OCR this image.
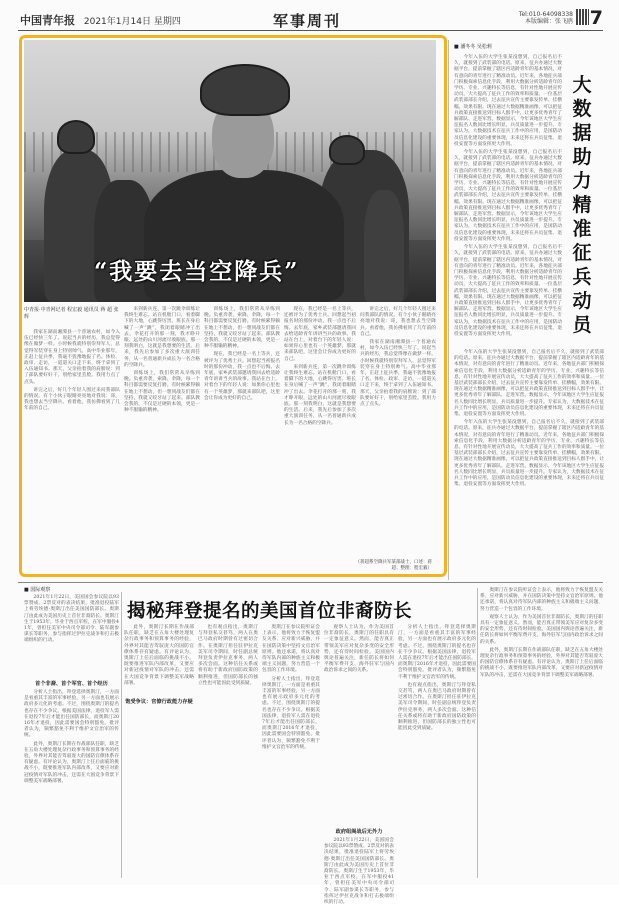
中国青年报 2021年1月14日 星期四	军事周刊	Tel:010-64098338 本版编辑：张飞鸥 7
“我要去当空降兵”
中青报·中青网记者 程宏毅 通讯员 蒋 超 张 辉

我家在湖南湘潭县一个普通农村，如今入伍已经快三年了。说起当兵的经历，我总觉得像在做梦一样。小时候我就特别崇拜军人，总觉得军装穿在身上特别帅气。高中毕业那年，正赶上征兵季，我毫不犹豫地报了名。体检、政审、走访，一道道关口走下来，终于拿到了入伍通知书。那天，父亲拍着我的肩膀说：到了部队要好好干，别给家里丢脸。我用力点了点头。

讲完之后，好几个年轻人围过来问我部队的情况。有个小伙子眼睛亮亮地对我说：哥，我也想去当空降兵。看着他，我仿佛看到了几年前的自己。

来到新兵连，第一次跳伞训练让我终生难忘。站在机舱门口，看着脚下的大地，心跳得厉害。班长在身后喊了一声“跳”，我闭着眼睛冲了出去。伞花打开的那一刻，我才睁开眼，远处的山川河流尽收眼底。那一刻我明白，这就是我想要的生活。后来，我先后参加了多次重大演训任务，从一名普通新兵成长为一名合格的空降兵。

训练场上，我们常常从早练到晚。负重奔袭、索降、伞降，每一个科目都需要反复打磨。有时候累得躺在地上不想动，但一想到战友们都在坚持，我就又咬牙站了起来。部队教会我的，不仅是过硬的本领，更是一种不服输的精神。

训练场上，我们常常从早练到晚。负重奔袭、索降、伞降，每一个科目都需要反复打磨。有时候累得躺在地上不想动，但一想到战友们都在坚持，我就又咬牙站了起来。部队教会我的，不仅是过硬的本领，更是一种不服输的精神。

现在，我已经是一名上等兵，还被评为了优秀士兵。回想起当初报名时的那份冲动，我一点也不后悔。去年底，家乡武装部邀请我回去给适龄青年讲讲当兵的故事。我站在台上，对着台下的年轻人说：如果你心里也有一个英雄梦，那就来部队吧，这里会让你成为更好的自己。

现在，我已经是一名上等兵，还被评为了优秀士兵。回想起当初报名时的那份冲动，我一点也不后悔。去年底，家乡武装部邀请我回去给适龄青年讲讲当兵的故事。我站在台上，对着台下的年轻人说：如果你心里也有一个英雄梦，那就来部队吧，这里会让你成为更好的自己。

来到新兵连，第一次跳伞训练让我终生难忘。站在机舱门口，看着脚下的大地，心跳得厉害。班长在身后喊了一声“跳”，我闭着眼睛冲了出去。伞花打开的那一刻，我才睁开眼，远处的山川河流尽收眼底。那一刻我明白，这就是我想要的生活。后来，我先后参加了多次重大演训任务，从一名普通新兵成长为一名合格的空降兵。

讲完之后，好几个年轻人围过来问我部队的情况。有个小伙子眼睛亮亮地对我说：哥，我也想去当空降兵。看着他，我仿佛看到了几年前的自己。

我家在湖南湘潭县一个普通农村，如今入伍已经快三年了。说起当兵的经历，我总觉得像在做梦一样。小时候我就特别崇拜军人，总觉得军装穿在身上特别帅气。高中毕业那年，正赶上征兵季，我毫不犹豫地报了名。体检、政审、走访，一道道关口走下来，终于拿到了入伍通知书。那天，父亲拍着我的肩膀说：到了部队要好好干，别给家里丢脸。我用力点了点头。

（蒋超系空降兵军某部战士，口述：蒋超；整理：程宏毅）
■ 潘冬冬 吴松莉
大数据助力精准征兵动员

今年入伍的大学生张某没想到，自己报名后不久，就接到了武装部的电话。原来，征兵办通过大数据平台，提前掌握了辖区内适龄青年的基本情况，对有意向的青年进行了精准动员。近年来，各地征兵部门积极探索信息化手段，利用大数据分析适龄青年的学历、专业、兴趣特长等信息，有针对性地开展宣传动员，大大提高了征兵工作的效率和质量。一位基层武装部部长介绍，过去征兵宣传主要靠发传单、挂横幅，效果有限。现在通过大数据精准画像，可以把征兵政策直接推送到目标人群手中，让更多优秀青年了解部队、走进军营。数据显示，今年该地区大学生应征报名人数同比增长明显，兵员质量进一步提升。专家认为，大数据技术在征兵工作中的应用，是国防动员信息化建设的重要体现，未来还将在兵员征集、退役安置等方面发挥更大作用。

今年入伍的大学生张某没想到，自己报名后不久，就接到了武装部的电话。原来，征兵办通过大数据平台，提前掌握了辖区内适龄青年的基本情况，对有意向的青年进行了精准动员。近年来，各地征兵部门积极探索信息化手段，利用大数据分析适龄青年的学历、专业、兴趣特长等信息，有针对性地开展宣传动员，大大提高了征兵工作的效率和质量。一位基层武装部部长介绍，过去征兵宣传主要靠发传单、挂横幅，效果有限。现在通过大数据精准画像，可以把征兵政策直接推送到目标人群手中，让更多优秀青年了解部队、走进军营。数据显示，今年该地区大学生应征报名人数同比增长明显，兵员质量进一步提升。专家认为，大数据技术在征兵工作中的应用，是国防动员信息化建设的重要体现，未来还将在兵员征集、退役安置等方面发挥更大作用。

今年入伍的大学生张某没想到，自己报名后不久，就接到了武装部的电话。原来，征兵办通过大数据平台，提前掌握了辖区内适龄青年的基本情况，对有意向的青年进行了精准动员。近年来，各地征兵部门积极探索信息化手段，利用大数据分析适龄青年的学历、专业、兴趣特长等信息，有针对性地开展宣传动员，大大提高了征兵工作的效率和质量。一位基层武装部部长介绍，过去征兵宣传主要靠发传单、挂横幅，效果有限。现在通过大数据精准画像，可以把征兵政策直接推送到目标人群手中，让更多优秀青年了解部队、走进军营。数据显示，今年该地区大学生应征报名人数同比增长明显，兵员质量进一步提升。专家认为，大数据技术在征兵工作中的应用，是国防动员信息化建设的重要体现，未来还将在兵员征集、退役安置等方面发挥更大作用。

今年入伍的大学生张某没想到，自己报名后不久，就接到了武装部的电话。原来，征兵办通过大数据平台，提前掌握了辖区内适龄青年的基本情况，对有意向的青年进行了精准动员。近年来，各地征兵部门积极探索信息化手段，利用大数据分析适龄青年的学历、专业、兴趣特长等信息，有针对性地开展宣传动员，大大提高了征兵工作的效率和质量。一位基层武装部部长介绍，过去征兵宣传主要靠发传单、挂横幅，效果有限。现在通过大数据精准画像，可以把征兵政策直接推送到目标人群手中，让更多优秀青年了解部队、走进军营。数据显示，今年该地区大学生应征报名人数同比增长明显，兵员质量进一步提升。专家认为，大数据技术在征兵工作中的应用，是国防动员信息化建设的重要体现，未来还将在兵员征集、退役安置等方面发挥更大作用。

今年入伍的大学生张某没想到，自己报名后不久，就接到了武装部的电话。原来，征兵办通过大数据平台，提前掌握了辖区内适龄青年的基本情况，对有意向的青年进行了精准动员。近年来，各地征兵部门积极探索信息化手段，利用大数据分析适龄青年的学历、专业、兴趣特长等信息，有针对性地开展宣传动员，大大提高了征兵工作的效率和质量。一位基层武装部部长介绍，过去征兵宣传主要靠发传单、挂横幅，效果有限。现在通过大数据精准画像，可以把征兵政策直接推送到目标人群手中，让更多优秀青年了解部队、走进军营。数据显示，今年该地区大学生应征报名人数同比增长明显，兵员质量进一步提升。专家认为，大数据技术在征兵工作中的应用，是国防动员信息化建设的重要体现，未来还将在兵员征集、退役安置等方面发挥更大作用。

■ 国际观察
揭秘拜登提名的美国首位非裔防长

2021年1月22日，美国国会参议院以93票赞成、2票反对的表决结果，批准退役陆军上将劳埃德·奥斯汀出任美国国防部长。奥斯汀由此成为美国历史上首位非裔防长。奥斯汀生于1953年，毕业于西点军校，在军中服役41年，曾担任美军中央司令部司令、陆军副参谋长等职务，参与指挥过伊拉克战争和打击极端组织的行动。

首个非裔、首个军官、首个经历

分析人士指出，拜登选择奥斯汀，一方面是看重其丰富的军事经验，另一方面也有展示政府多元化的考虑。不过，围绕奥斯汀的提名也存在不少争议。根据美国法律，退役军人需在退役7年后才能出任国防部长，而奥斯汀2016年才退役，因此需要国会特别豁免。批评者认为，频繁豁免不利于维护文官治军的传统。

此外，奥斯汀长期在作战部队任职，缺乏在五角大楼处理复杂行政事务和预算事务的经验，外界对其能否驾驭庞大的国防官僚体系存有疑虑。有评论认为，奥斯汀上任后面临的挑战不小，既要推进军队内部改革，又要应对新冠疫情对军队的冲击，还需在大国竞争背景下调整美军战略部署。

此外，奥斯汀长期在作战部队任职，缺乏在五角大楼处理复杂行政事务和预算事务的经验，外界对其能否驾驭庞大的国防官僚体系存有疑虑。有评论认为，奥斯汀上任后面临的挑战不小，既要推进军队内部改革，又要应对新冠疫情对军队的冲击，还需在大国竞争背景下调整美军战略部署。

饱受争议：官僚行政能力存疑

也有观点指出，奥斯汀与拜登私交甚笃，两人在奥巴马政府时期曾有过密切合作。在奥斯汀担任驻伊拉克美军司令期间，时任副总统拜登负责伊拉克事务，两人多次会面。这种信任关系或将有助于新政府国防政策的顺利推进，但国防部长的独立性也可能因此受到质疑。

奥斯汀在参议院听证会上表示，他将致力于恢复盟友关系、应对新兴威胁，并在国防决策中坚持文官治军原则。他还承诺，将认真对待军队内部的种族主义和极端主义问题，努力营造一个包容的工作环境。

分析人士指出，拜登选择奥斯汀，一方面是看重其丰富的军事经验，另一方面也有展示政府多元化的考虑。不过，围绕奥斯汀的提名也存在不少争议。根据美国法律，退役军人需在退役7年后才能出任国防部长，而奥斯汀2016年才退役，因此需要国会特别豁免。批评者认为，频繁豁免不利于维护文官治军的传统。

观察人士认为，作为美国首位非裔防长，奥斯汀的任职具有一定象征意义。然而，能否真正带领美军应对复杂多变的安全形势，还有待时间检验。美国国内舆论普遍关注，新任防长将如何平衡军费开支、海外驻军与国内政治诉求之间的关系。

政府组阁战后无外力

2021年1月22日，美国国会参议院以93票赞成、2票反对的表决结果，批准退役陆军上将劳埃德·奥斯汀出任美国国防部长。奥斯汀由此成为美国历史上首位非裔防长。奥斯汀生于1953年，毕业于西点军校，在军中服役41年，曾担任美军中央司令部司令、陆军副参谋长等职务，参与指挥过伊拉克战争和打击极端组织的行动。

分析人士指出，拜登选择奥斯汀，一方面是看重其丰富的军事经验，另一方面也有展示政府多元化的考虑。不过，围绕奥斯汀的提名也存在不少争议。根据美国法律，退役军人需在退役7年后才能出任国防部长，而奥斯汀2016年才退役，因此需要国会特别豁免。批评者认为，频繁豁免不利于维护文官治军的传统。

也有观点指出，奥斯汀与拜登私交甚笃，两人在奥巴马政府时期曾有过密切合作。在奥斯汀担任驻伊拉克美军司令期间，时任副总统拜登负责伊拉克事务，两人多次会面。这种信任关系或将有助于新政府国防政策的顺利推进，但国防部长的独立性也可能因此受到质疑。

奥斯汀在参议院听证会上表示，他将致力于恢复盟友关系、应对新兴威胁，并在国防决策中坚持文官治军原则。他还承诺，将认真对待军队内部的种族主义和极端主义问题，努力营造一个包容的工作环境。

观察人士认为，作为美国首位非裔防长，奥斯汀的任职具有一定象征意义。然而，能否真正带领美军应对复杂多变的安全形势，还有待时间检验。美国国内舆论普遍关注，新任防长将如何平衡军费开支、海外驻军与国内政治诉求之间的关系。

此外，奥斯汀长期在作战部队任职，缺乏在五角大楼处理复杂行政事务和预算事务的经验，外界对其能否驾驭庞大的国防官僚体系存有疑虑。有评论认为，奥斯汀上任后面临的挑战不小，既要推进军队内部改革，又要应对新冠疫情对军队的冲击，还需在大国竞争背景下调整美军战略部署。
